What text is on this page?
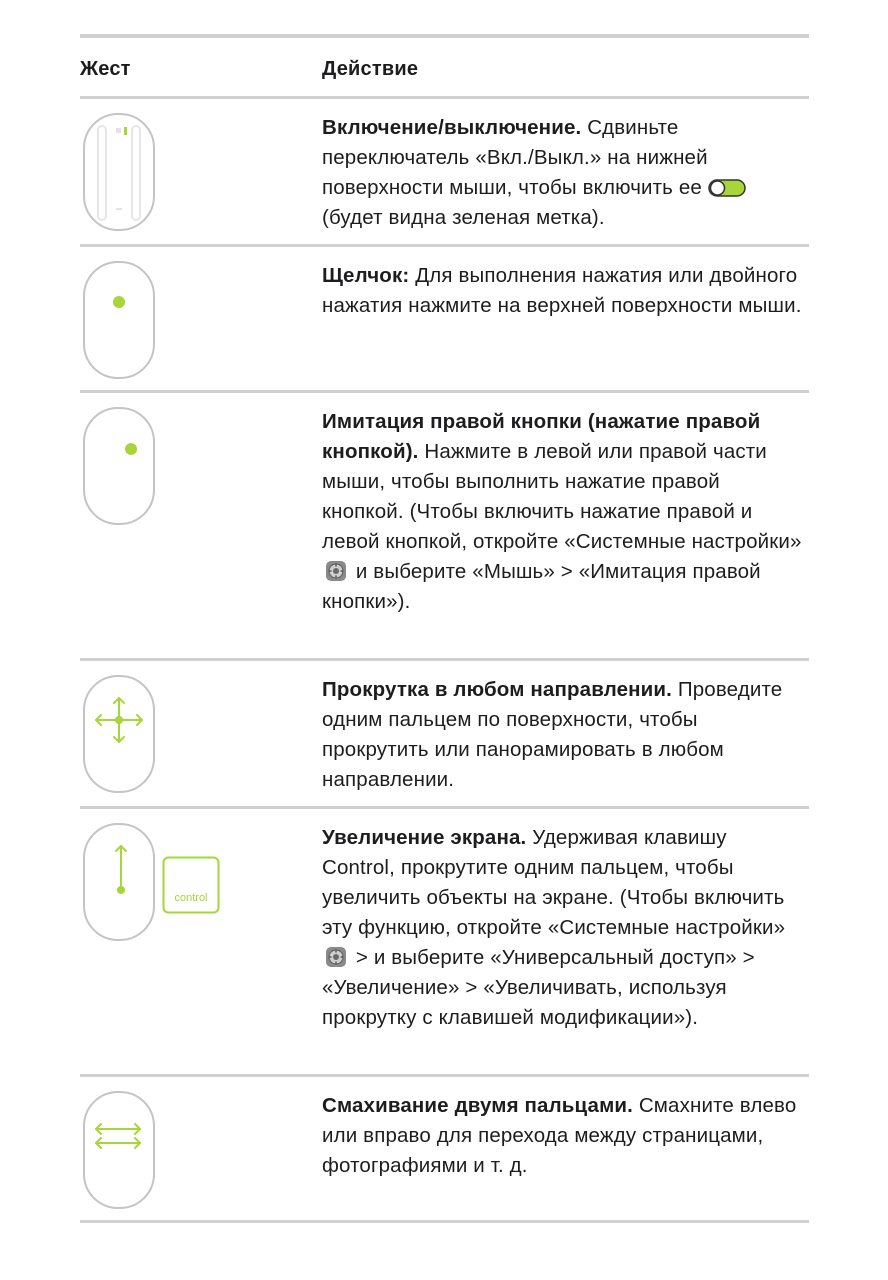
Жест	Действие
Включение/выключение. Сдвиньте переключатель «Вкл./Выкл.» на нижней поверхности мыши, чтобы включить ее  (будет видна зеленая метка).
Щелчок: Для выполнения нажатия или двойного нажатия нажмите на верхней поверхности мыши.
Имитация правой кнопки (нажатие правой кнопкой). Нажмите в левой или правой части мыши, чтобы выполнить нажатие правой кнопкой. (Чтобы включить нажатие правой и левой кнопкой, откройте «Системные настройки»  и выберите «Мышь» > «Имитация правой кнопки»).
Прокрутка в любом направлении. Проведите одним пальцем по поверхности, чтобы прокрутить или панорамировать в любом направлении.
control
Увеличение экрана. Удерживая клавишу Control, прокрутите одним пальцем, чтобы увеличить объекты на экране. (Чтобы включить эту функцию, откройте «Системные настройки»  > и выберите «Универсальный доступ» > «Увеличение» > «Увеличивать, используя прокрутку с клавишей модификации»).
Смахивание двумя пальцами. Смахните влево или вправо для перехода между страницами, фотографиями и т. д.
